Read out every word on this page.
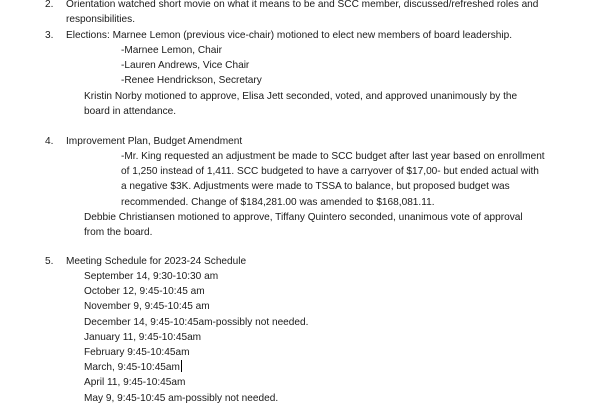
2.	Orientation watched short movie on what it means to be and SCC member, discussed/refreshed roles and
responsibilities.
3.	Elections: Marnee Lemon (previous vice-chair) motioned to elect new members of board leadership.
-Marnee Lemon, Chair
-Lauren Andrews, Vice Chair
-Renee Hendrickson, Secretary
Kristin Norby motioned to approve, Elisa Jett seconded, voted, and approved unanimously by the
board in attendance.
4.	Improvement Plan, Budget Amendment
-Mr. King requested an adjustment be made to SCC budget after last year based on enrollment
of 1,250 instead of 1,411. SCC budgeted to have a carryover of $17,00- but ended actual with
a negative $3K. Adjustments were made to TSSA to balance, but proposed budget was
recommended. Change of $184,281.00 was amended to $168,081.11.
Debbie Christiansen motioned to approve, Tiffany Quintero seconded, unanimous vote of approval
from the board.
5.	Meeting Schedule for 2023-24 Schedule
September 14, 9:30-10:30 am
October 12, 9:45-10:45 am
November 9, 9:45-10:45 am
December 14, 9:45-10:45am-possibly not needed.
January 11, 9:45-10:45am
February 9:45-10:45am
March, 9:45-10:45am
April 11, 9:45-10:45am
May 9, 9:45-10:45 am-possibly not needed.
